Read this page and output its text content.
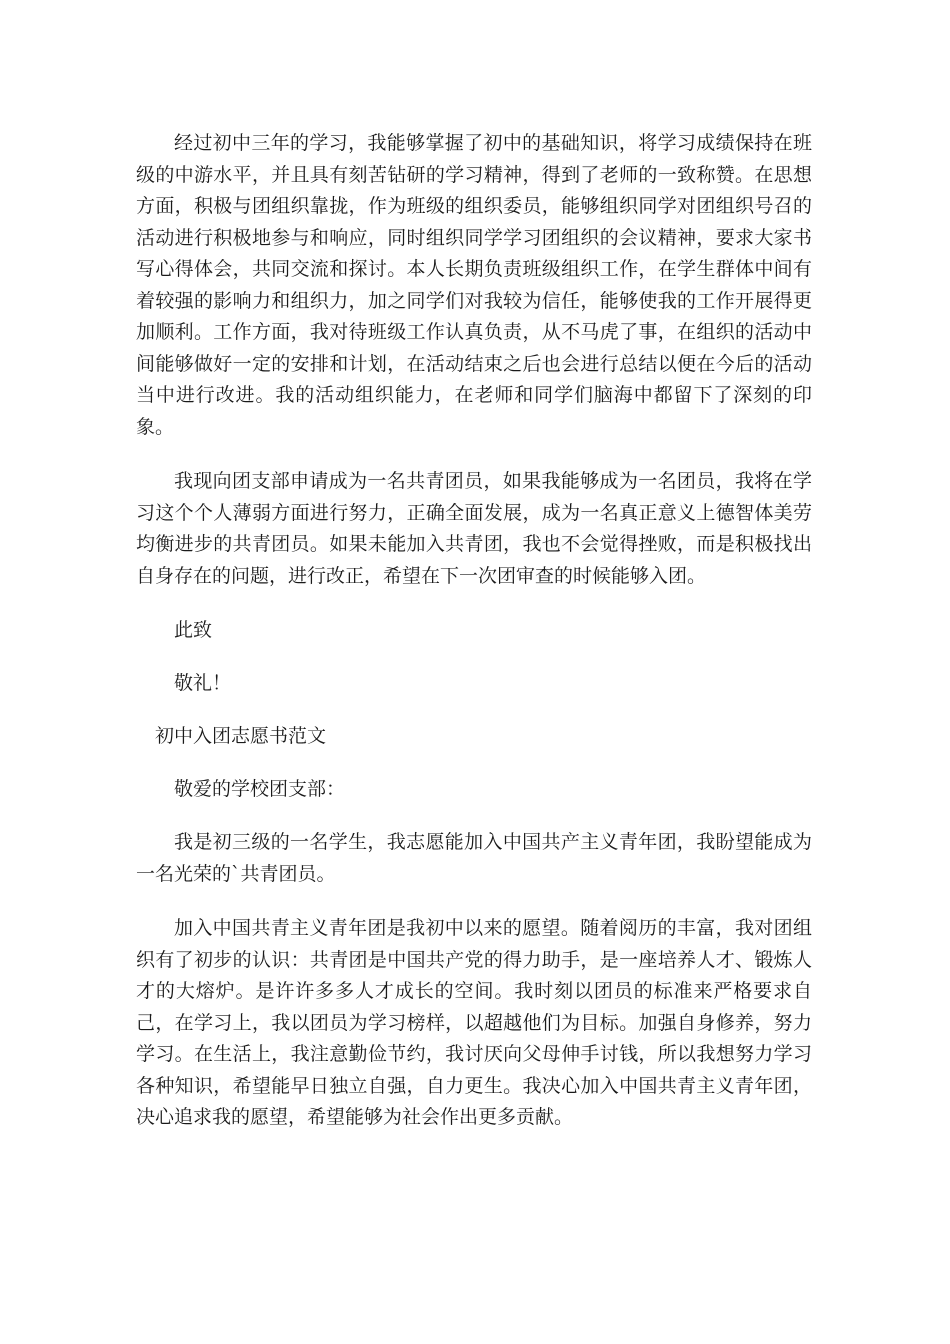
经过初中三年的学习，我能够掌握了初中的基础知识，将学习成绩保持在班级的中游水平，并且具有刻苦钻研的学习精神，得到了老师的一致称赞。在思想方面，积极与团组织靠拢，作为班级的组织委员，能够组织同学对团组织号召的活动进行积极地参与和响应，同时组织同学学习团组织的会议精神，要求大家书写心得体会，共同交流和探讨。本人长期负责班级组织工作，在学生群体中间有着较强的影响力和组织力，加之同学们对我较为信任，能够使我的工作开展得更加顺利。工作方面，我对待班级工作认真负责，从不马虎了事，在组织的活动中间能够做好一定的安排和计划，在活动结束之后也会进行总结以便在今后的活动当中进行改进。我的活动组织能力，在老师和同学们脑海中都留下了深刻的印象。

我现向团支部申请成为一名共青团员，如果我能够成为一名团员，我将在学习这个个人薄弱方面进行努力，正确全面发展，成为一名真正意义上德智体美劳均衡进步的共青团员。如果未能加入共青团，我也不会觉得挫败，而是积极找出自身存在的问题，进行改正，希望在下一次团审查的时候能够入团。

此致

敬礼！

初中入团志愿书范文

敬爱的学校团支部：

我是初三级的一名学生，我志愿能加入中国共产主义青年团，我盼望能成为一名光荣的`共青团员。

加入中国共青主义青年团是我初中以来的愿望。随着阅历的丰富，我对团组织有了初步的认识：共青团是中国共产党的得力助手，是一座培养人才、锻炼人才的大熔炉。是许许多多人才成长的空间。我时刻以团员的标准来严格要求自己，在学习上，我以团员为学习榜样，以超越他们为目标。加强自身修养，努力学习。在生活上，我注意勤俭节约，我讨厌向父母伸手讨钱，所以我想努力学习各种知识，希望能早日独立自强，自力更生。我决心加入中国共青主义青年团，决心追求我的愿望，希望能够为社会作出更多贡献。
